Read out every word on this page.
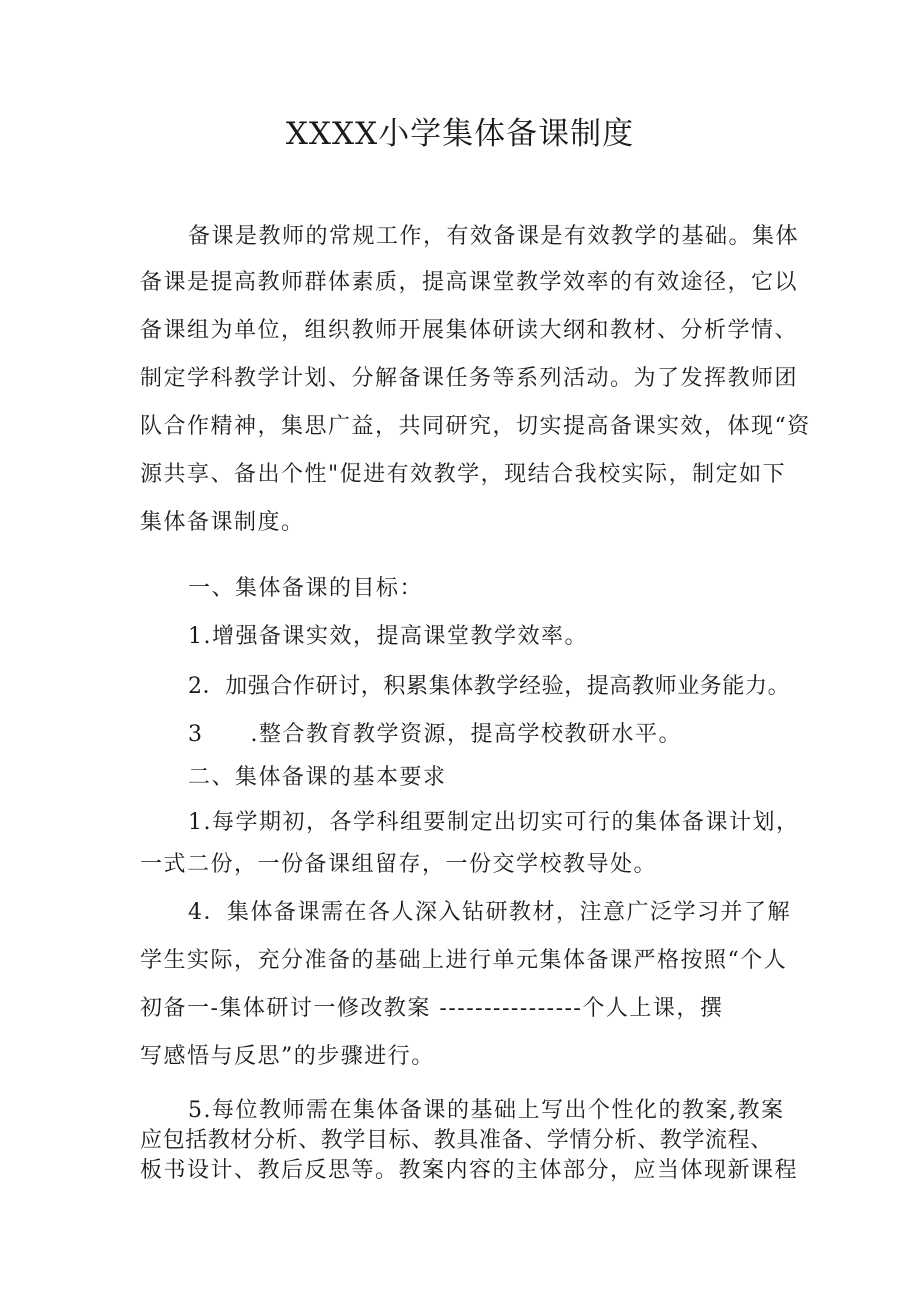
XXXX小学集体备课制度

备课是教师的常规工作，有效备课是有效教学的基础。集体

备课是提高教师群体素质，提高课堂教学效率的有效途径，它以

备课组为单位，组织教师开展集体研读大纲和教材、分析学情、

制定学科教学计划、分解备课任务等系列活动。为了发挥教师团

队合作精神，集思广益，共同研究，切实提高备课实效，体现“资

源共享、备出个性"促进有效教学，现结合我校实际，制定如下

集体备课制度。

一、集体备课的目标：

1.增强备课实效，提高课堂教学效率。

2．加强合作研讨，积累集体教学经验，提高教师业务能力。

3　　.整合教育教学资源，提高学校教研水平。

二、集体备课的基本要求

1.每学期初，各学科组要制定出切实可行的集体备课计划，

一式二份，一份备课组留存，一份交学校教导处。

4．集体备课需在各人深入钻研教材，注意广泛学习并了解

学生实际，充分准备的基础上进行单元集体备课严格按照“个人

初备一-集体研讨一修改教案 ----------------个人上课，撰

写感悟与反思”的步骤进行。

5.每位教师需在集体备课的基础上写出个性化的教案,教案

应包括教材分析、教学目标、教具准备、学情分析、教学流程、

板书设计、教后反思等。教案内容的主体部分，应当体现新课程
